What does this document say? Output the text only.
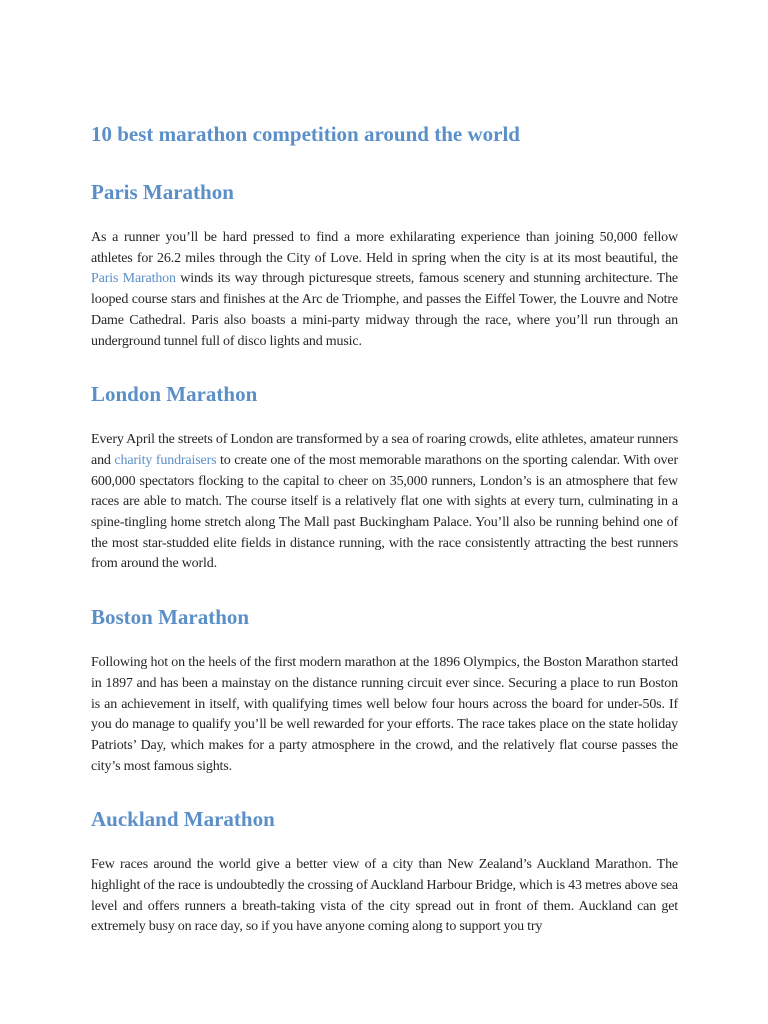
10 best marathon competition around the world
Paris Marathon

As a runner you’ll be hard pressed to find a more exhilarating experience than joining 50,000 fellow athletes for 26.2 miles through the City of Love. Held in spring when the city is at its most beautiful, the Paris Marathon winds its way through picturesque streets, famous scenery and stunning architecture. The looped course stars and finishes at the Arc de Triomphe, and passes the Eiffel Tower, the Louvre and Notre Dame Cathedral. Paris also boasts a mini-party midway through the race, where you’ll run through an underground tunnel full of disco lights and music.

London Marathon

Every April the streets of London are transformed by a sea of roaring crowds, elite athletes, amateur runners and charity fundraisers to create one of the most memorable marathons on the sporting calendar. With over 600,000 spectators flocking to the capital to cheer on 35,000 runners, London’s is an atmosphere that few races are able to match. The course itself is a relatively flat one with sights at every turn, culminating in a spine-tingling home stretch along The Mall past Buckingham Palace. You’ll also be running behind one of the most star-studded elite fields in distance running, with the race consistently attracting the best runners from around the world.

Boston Marathon

Following hot on the heels of the first modern marathon at the 1896 Olympics, the Boston Marathon started in 1897 and has been a mainstay on the distance running circuit ever since. Securing a place to run Boston is an achievement in itself, with qualifying times well below four hours across the board for under-50s. If you do manage to qualify you’ll be well rewarded for your efforts. The race takes place on the state holiday Patriots’ Day, which makes for a party atmosphere in the crowd, and the relatively flat course passes the city’s most famous sights.

Auckland Marathon

Few races around the world give a better view of a city than New Zealand’s Auckland Marathon. The highlight of the race is undoubtedly the crossing of Auckland Harbour Bridge, which is 43 metres above sea level and offers runners a breath-taking vista of the city spread out in front of them. Auckland can get extremely busy on race day, so if you have anyone coming along to support you try
